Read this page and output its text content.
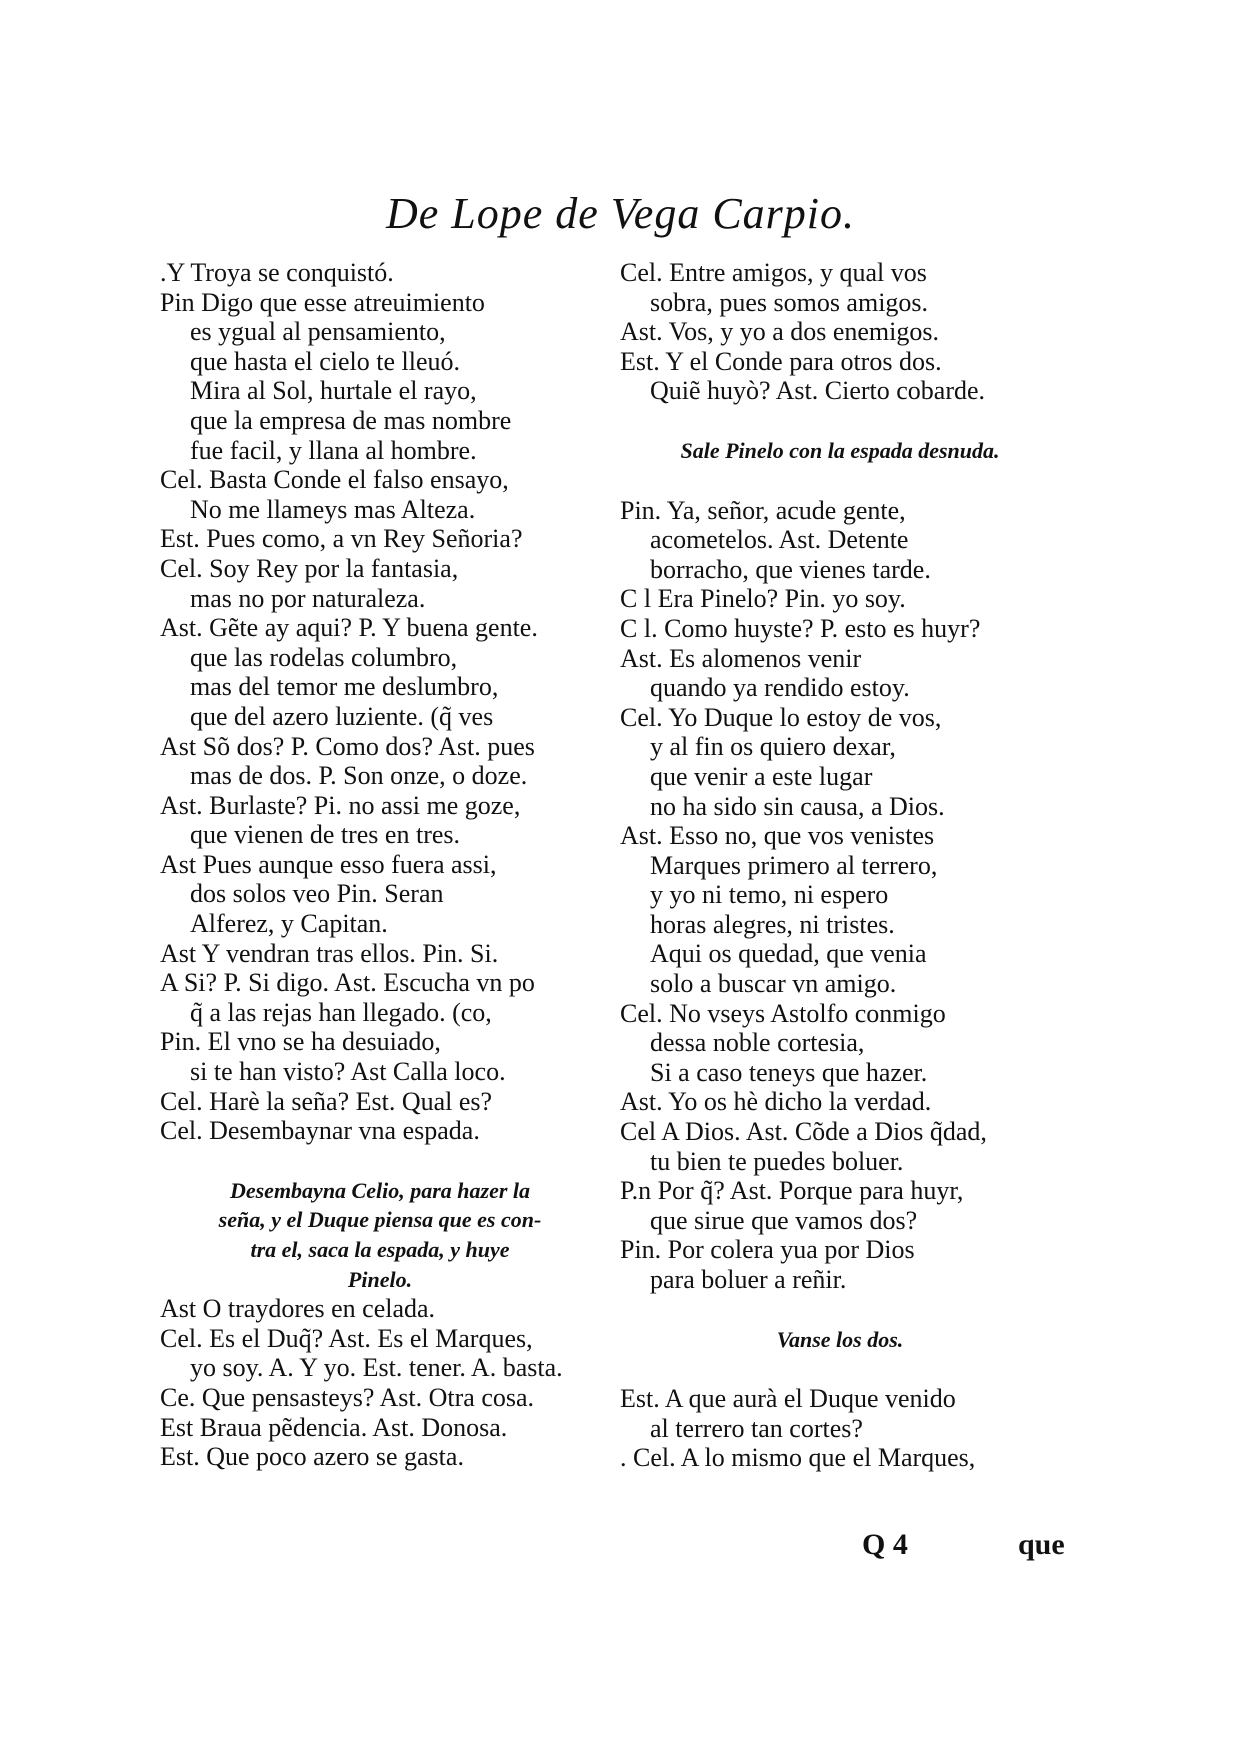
De Lope de Vega Carpio.
.Y Troya se conquistó.
Pin Digo que esse atreuimiento
es ygual al pensamiento,
que hasta el cielo te lleuó.
Mira al Sol, hurtale el rayo,
que la empresa de mas nombre
fue facil, y llana al hombre.
Cel. Basta Conde el falso ensayo,
No me llameys mas Alteza.
Est. Pues como, a vn Rey Señoria?
Cel. Soy Rey por la fantasia,
mas no por naturaleza.
Ast. Gẽte ay aqui? P. Y buena gente.
que las rodelas columbro,
mas del temor me deslumbro,
que del azero luziente. (q̃ ves
Ast Sõ dos? P. Como dos? Ast. pues
mas de dos. P. Son onze, o doze.
Ast. Burlaste? Pi. no assi me goze,
que vienen de tres en tres.
Ast Pues aunque esso fuera assi,
dos solos veo Pin. Seran
Alferez, y Capitan.
Ast Y vendran tras ellos. Pin. Si.
A Si? P. Si digo. Ast. Escucha vn po
q̃ a las rejas han llegado. (co,
Pin. El vno se ha desuiado,
si te han visto? Ast Calla loco.
Cel. Harè la seña? Est. Qual es?
Cel. Desembaynar vna espada.
Desembayna Celio, para hazer la
seña, y el Duque piensa que es con-
tra el, saca la espada, y huye
Pinelo.
Ast O traydores en celada.
Cel. Es el Duq̃? Ast. Es el Marques,
yo soy. A. Y yo. Est. tener. A. basta.
Ce. Que pensasteys? Ast. Otra cosa.
Est Braua pẽdencia. Ast. Donosa.
Est. Que poco azero se gasta.
Cel. Entre amigos, y qual vos
sobra, pues somos amigos.
Ast. Vos, y yo a dos enemigos.
Est. Y el Conde para otros dos.
Quiẽ huyò? Ast. Cierto cobarde.
Sale Pinelo con la espada desnuda.
Pin. Ya, señor, acude gente,
acometelos. Ast. Detente
borracho, que vienes tarde.
C l Era Pinelo? Pin. yo soy.
C l. Como huyste? P. esto es huyr?
Ast. Es alomenos venir
quando ya rendido estoy.
Cel. Yo Duque lo estoy de vos,
y al fin os quiero dexar,
que venir a este lugar
no ha sido sin causa, a Dios.
Ast. Esso no, que vos venistes
Marques primero al terrero,
y yo ni temo, ni espero
horas alegres, ni tristes.
Aqui os quedad, que venia
solo a buscar vn amigo.
Cel. No vseys Astolfo conmigo
dessa noble cortesia,
Si a caso teneys que hazer.
Ast. Yo os hè dicho la verdad.
Cel A Dios. Ast. Cõde a Dios q̃dad,
tu bien te puedes boluer.
P.n Por q̃? Ast. Porque para huyr,
que sirue que vamos dos?
Pin. Por colera yua por Dios
para boluer a reñir.
Vanse los dos.
Est. A que aurà el Duque venido
al terrero tan cortes?
. Cel. A lo mismo que el Marques,
Q 4	que
